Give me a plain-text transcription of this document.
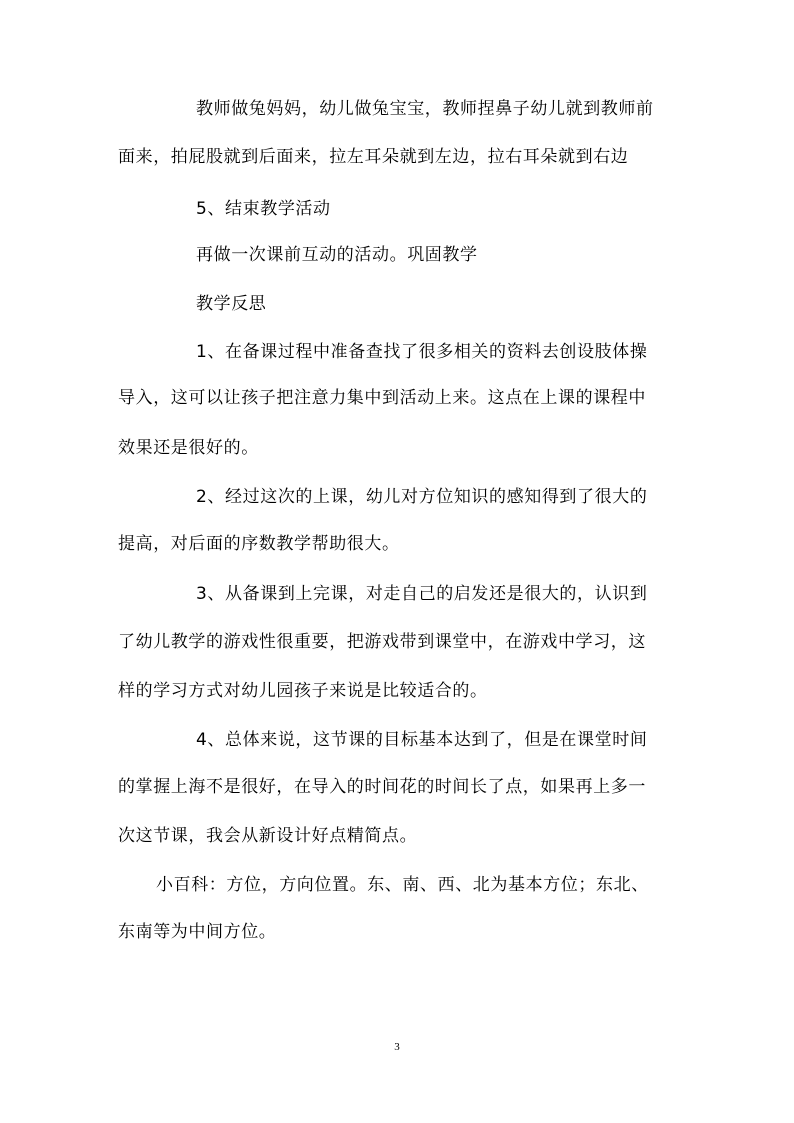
教师做兔妈妈，幼儿做兔宝宝，教师捏鼻子幼儿就到教师前
面来，拍屁股就到后面来，拉左耳朵就到左边，拉右耳朵就到右边
5、结束教学活动
再做一次课前互动的活动。巩固教学
教学反思
1、在备课过程中准备查找了很多相关的资料去创设肢体操
导入，这可以让孩子把注意力集中到活动上来。这点在上课的课程中
效果还是很好的。
2、经过这次的上课，幼儿对方位知识的感知得到了很大的
提高，对后面的序数教学帮助很大。
3、从备课到上完课，对走自己的启发还是很大的，认识到
了幼儿教学的游戏性很重要，把游戏带到课堂中，在游戏中学习，这
样的学习方式对幼儿园孩子来说是比较适合的。
4、总体来说，这节课的目标基本达到了，但是在课堂时间
的掌握上海不是很好，在导入的时间花的时间长了点，如果再上多一
次这节课，我会从新设计好点精简点。
小百科：方位，方向位置。东、南、西、北为基本方位；东北、
东南等为中间方位。
3
